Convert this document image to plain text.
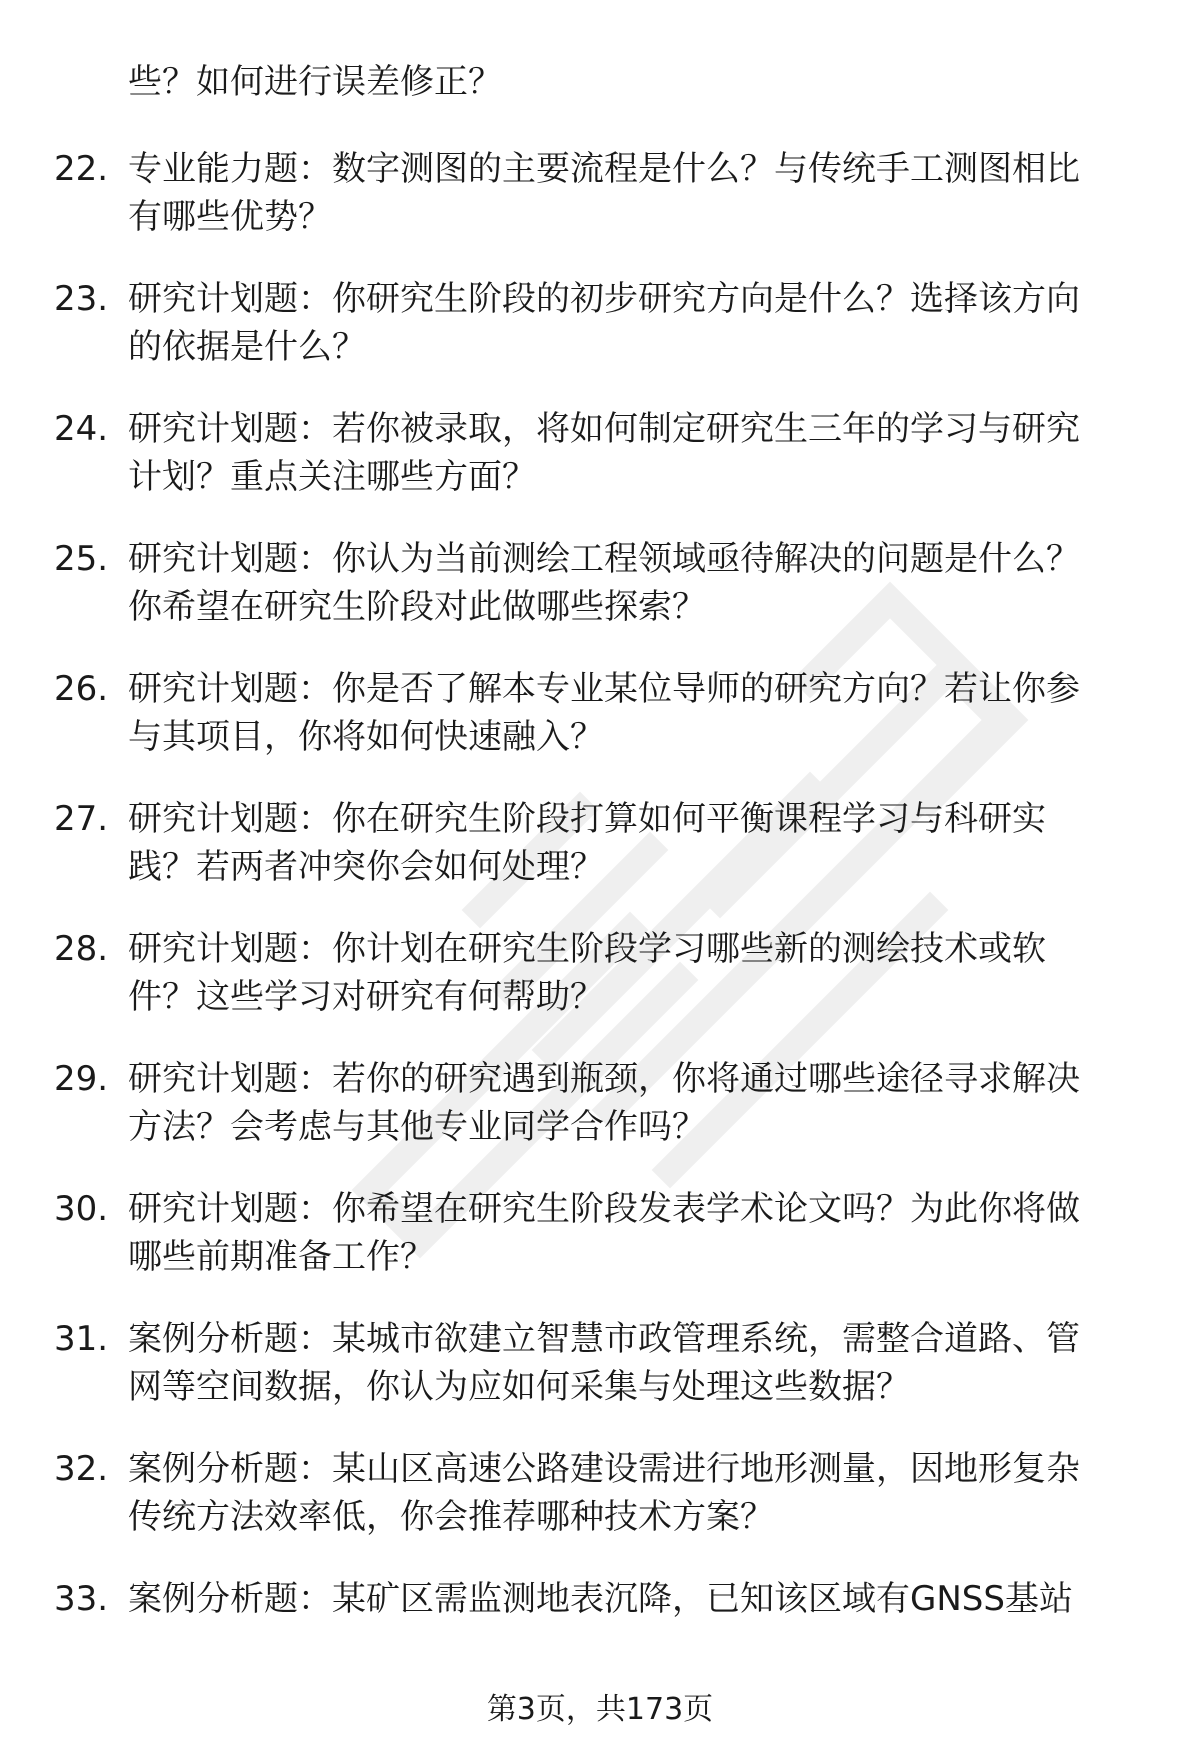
些？如何进行误差修正？
22. 专业能力题：数字测图的主要流程是什么？与传统手工测图相比
有哪些优势？
23. 研究计划题：你研究生阶段的初步研究方向是什么？选择该方向
的依据是什么？
24. 研究计划题：若你被录取，将如何制定研究生三年的学习与研究
计划？重点关注哪些方面？
25. 研究计划题：你认为当前测绘工程领域亟待解决的问题是什么？
你希望在研究生阶段对此做哪些探索？
26. 研究计划题：你是否了解本专业某位导师的研究方向？若让你参
与其项目，你将如何快速融入？
27. 研究计划题：你在研究生阶段打算如何平衡课程学习与科研实
践？若两者冲突你会如何处理？
28. 研究计划题：你计划在研究生阶段学习哪些新的测绘技术或软
件？这些学习对研究有何帮助？
29. 研究计划题：若你的研究遇到瓶颈，你将通过哪些途径寻求解决
方法？会考虑与其他专业同学合作吗？
30. 研究计划题：你希望在研究生阶段发表学术论文吗？为此你将做
哪些前期准备工作？
31. 案例分析题：某城市欲建立智慧市政管理系统，需整合道路、管
网等空间数据，你认为应如何采集与处理这些数据？
32. 案例分析题：某山区高速公路建设需进行地形测量，因地形复杂
传统方法效率低，你会推荐哪种技术方案？
33. 案例分析题：某矿区需监测地表沉降，已知该区域有GNSS基站
第3页，共173页
